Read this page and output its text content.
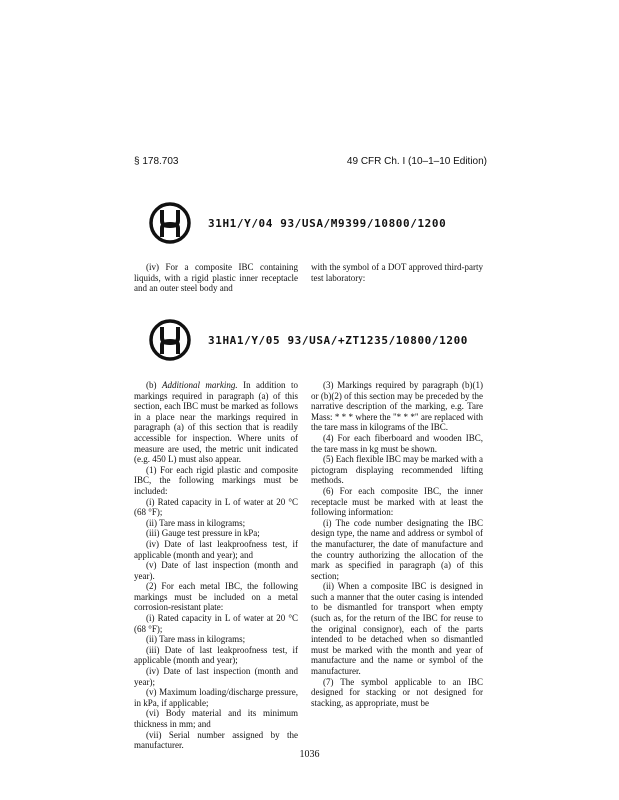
§ 178.703	49 CFR Ch. I (10–1–10 Edition)
31H1/Y/04 93/USA/M9399/10800/1200

(iv) For a composite IBC containing liquids, with a rigid plastic inner receptacle and an outer steel body and

with the symbol of a DOT approved third-party test laboratory:

31HA1/Y/05 93/USA/+ZT1235/10800/1200

(b) Additional marking. In addition to markings required in paragraph (a) of this section, each IBC must be marked as follows in a place near the markings required in paragraph (a) of this section that is readily accessible for inspection. Where units of measure are used, the metric unit indicated (e.g. 450 L) must also appear.

(1) For each rigid plastic and composite IBC, the following markings must be included:

(i) Rated capacity in L of water at 20 °C (68 °F);

(ii) Tare mass in kilograms;

(iii) Gauge test pressure in kPa;

(iv) Date of last leakproofness test, if applicable (month and year); and

(v) Date of last inspection (month and year).

(2) For each metal IBC, the following markings must be included on a metal corrosion-resistant plate:

(i) Rated capacity in L of water at 20 °C (68 °F);

(ii) Tare mass in kilograms;

(iii) Date of last leakproofness test, if applicable (month and year);

(iv) Date of last inspection (month and year);

(v) Maximum loading/discharge pressure, in kPa, if applicable;

(vi) Body material and its minimum thickness in mm; and

(vii) Serial number assigned by the manufacturer.

(3) Markings required by paragraph (b)(1) or (b)(2) of this section may be preceded by the narrative description of the marking, e.g. Tare Mass: * * * where the "* * *" are replaced with the tare mass in kilograms of the IBC.

(4) For each fiberboard and wooden IBC, the tare mass in kg must be shown.

(5) Each flexible IBC may be marked with a pictogram displaying recommended lifting methods.

(6) For each composite IBC, the inner receptacle must be marked with at least the following information:

(i) The code number designating the IBC design type, the name and address or symbol of the manufacturer, the date of manufacture and the country authorizing the allocation of the mark as specified in paragraph (a) of this section;

(ii) When a composite IBC is designed in such a manner that the outer casing is intended to be dismantled for transport when empty (such as, for the return of the IBC for reuse to the original consignor), each of the parts intended to be detached when so dismantled must be marked with the month and year of manufacture and the name or symbol of the manufacturer.

(7) The symbol applicable to an IBC designed for stacking or not designed for stacking, as appropriate, must be

1036
